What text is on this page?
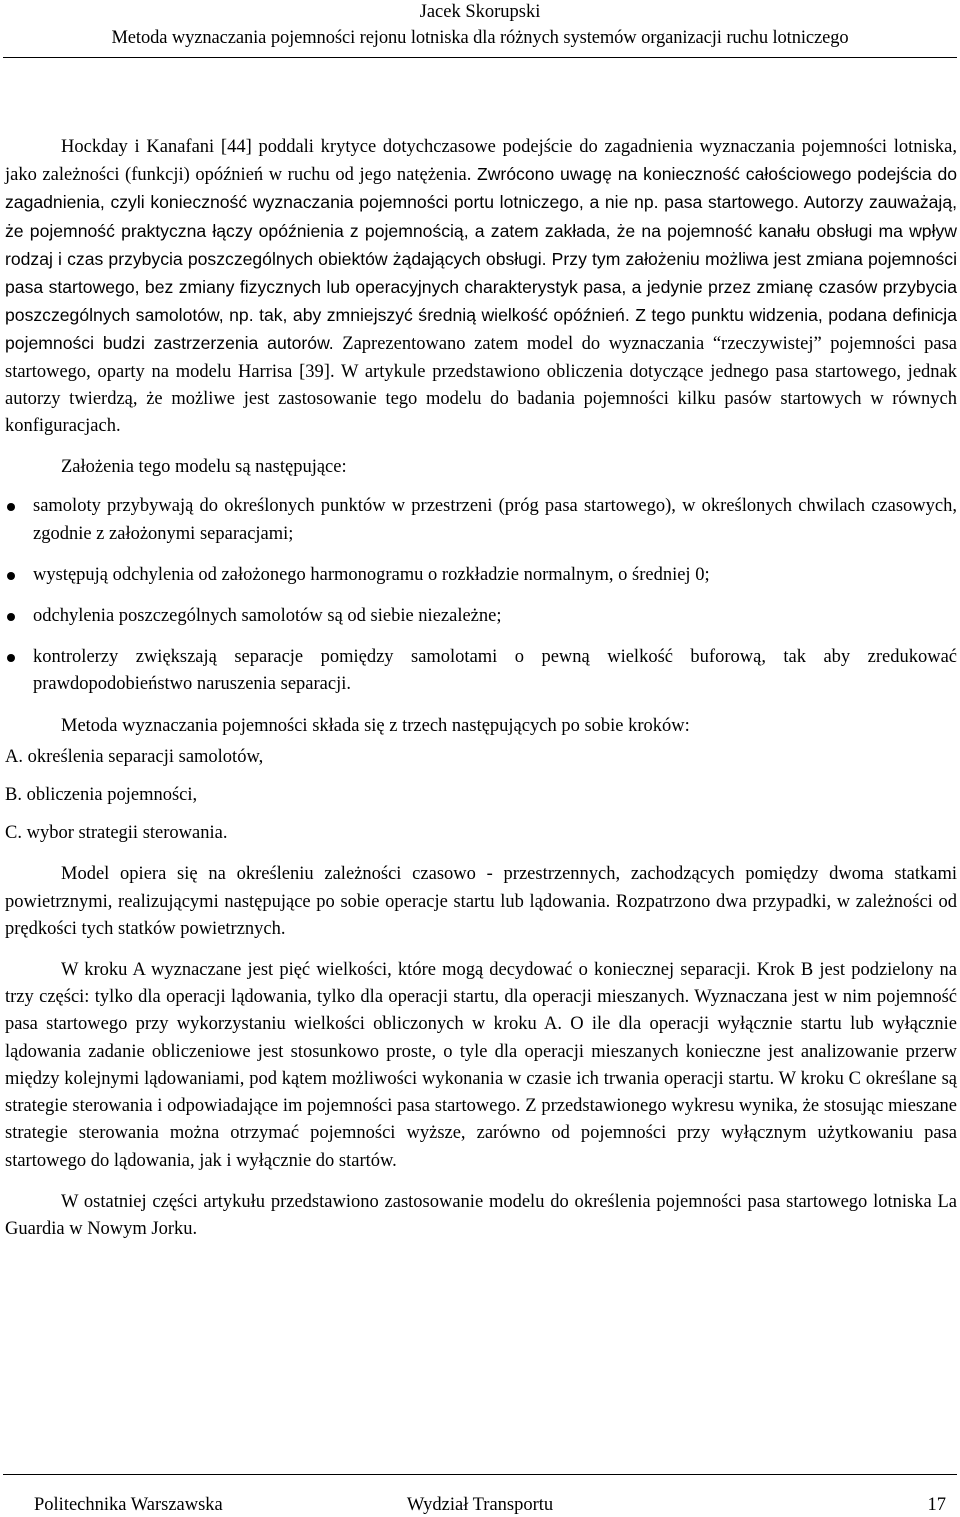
Jacek Skorupski
Metoda wyznaczania pojemności rejonu lotniska dla różnych systemów organizacji ruchu lotniczego

Hockday i Kanafani [44] poddali krytyce dotychczasowe podejście do zagadnienia wyznaczania pojemności lotniska, jako zależności (funkcji) opóźnień w ruchu od jego natężenia. Zwrócono uwagę na konieczność całościowego podejścia do zagadnienia, czyli konieczność wyznaczania pojemności portu lotniczego, a nie np. pasa startowego. Autorzy zauważają, że pojemność praktyczna łączy opóźnienia z pojemnością, a zatem zakłada, że na pojemność kanału obsługi ma wpływ rodzaj i czas przybycia poszczególnych obiektów żądających obsługi. Przy tym założeniu możliwa jest zmiana pojemności pasa startowego, bez zmiany fizycznych lub operacyjnych charakterystyk pasa, a jedynie przez zmianę czasów przybycia poszczególnych samolotów, np. tak, aby zmniejszyć średnią wielkość opóźnień. Z tego punktu widzenia, podana definicja pojemności budzi zastrzerzenia autorów. Zaprezentowano zatem model do wyznaczania “rzeczywistej” pojemności pasa startowego, oparty na modelu Harrisa [39]. W artykule przedstawiono obliczenia dotyczące jednego pasa startowego, jednak autorzy twierdzą, że możliwe jest zastosowanie tego modelu do badania pojemności kilku pasów startowych w równych konfiguracjach.

Założenia tego modelu są następujące:

samoloty przybywają do określonych punktów w przestrzeni (próg pasa startowego), w określonych chwilach czasowych, zgodnie z założonymi separacjami;
występują odchylenia od założonego harmonogramu o rozkładzie normalnym, o średniej 0;
odchylenia poszczególnych samolotów są od siebie niezależne;
kontrolerzy zwiększają separacje pomiędzy samolotami o pewną wielkość buforową, tak aby zredukować prawdopodobieństwo naruszenia separacji.

Metoda wyznaczania pojemności składa się z trzech następujących po sobie kroków:

A. określenia separacji samolotów,
B. obliczenia pojemności,
C. wybor strategii sterowania.

Model opiera się na określeniu zależności czasowo - przestrzennych, zachodzących pomiędzy dwoma statkami powietrznymi, realizującymi następujące po sobie operacje startu lub lądowania. Rozpatrzono dwa przypadki, w zależności od prędkości tych statków powietrznych.

W kroku A wyznaczane jest pięć wielkości, które mogą decydować o koniecznej separacji. Krok B jest podzielony na trzy części: tylko dla operacji lądowania, tylko dla operacji startu, dla operacji mieszanych. Wyznaczana jest w nim pojemność pasa startowego przy wykorzystaniu wielkości obliczonych w kroku A. O ile dla operacji wyłącznie startu lub wyłącznie lądowania zadanie obliczeniowe jest stosunkowo proste, o tyle dla operacji mieszanych konieczne jest analizowanie przerw między kolejnymi lądowaniami, pod kątem możliwości wykonania w czasie ich trwania operacji startu. W kroku C określane są strategie sterowania i odpowiadające im pojemności pasa startowego. Z przedstawionego wykresu wynika, że stosując mieszane strategie sterowania można otrzymać pojemności wyższe, zarówno od pojemności przy wyłącznym użytkowaniu pasa startowego do lądowania, jak i wyłącznie do startów.

W ostatniej części artykułu przedstawiono zastosowanie modelu do określenia pojemności pasa startowego lotniska La Guardia w Nowym Jorku.

Wydział Transportu
Politechnika Warszawska	17
